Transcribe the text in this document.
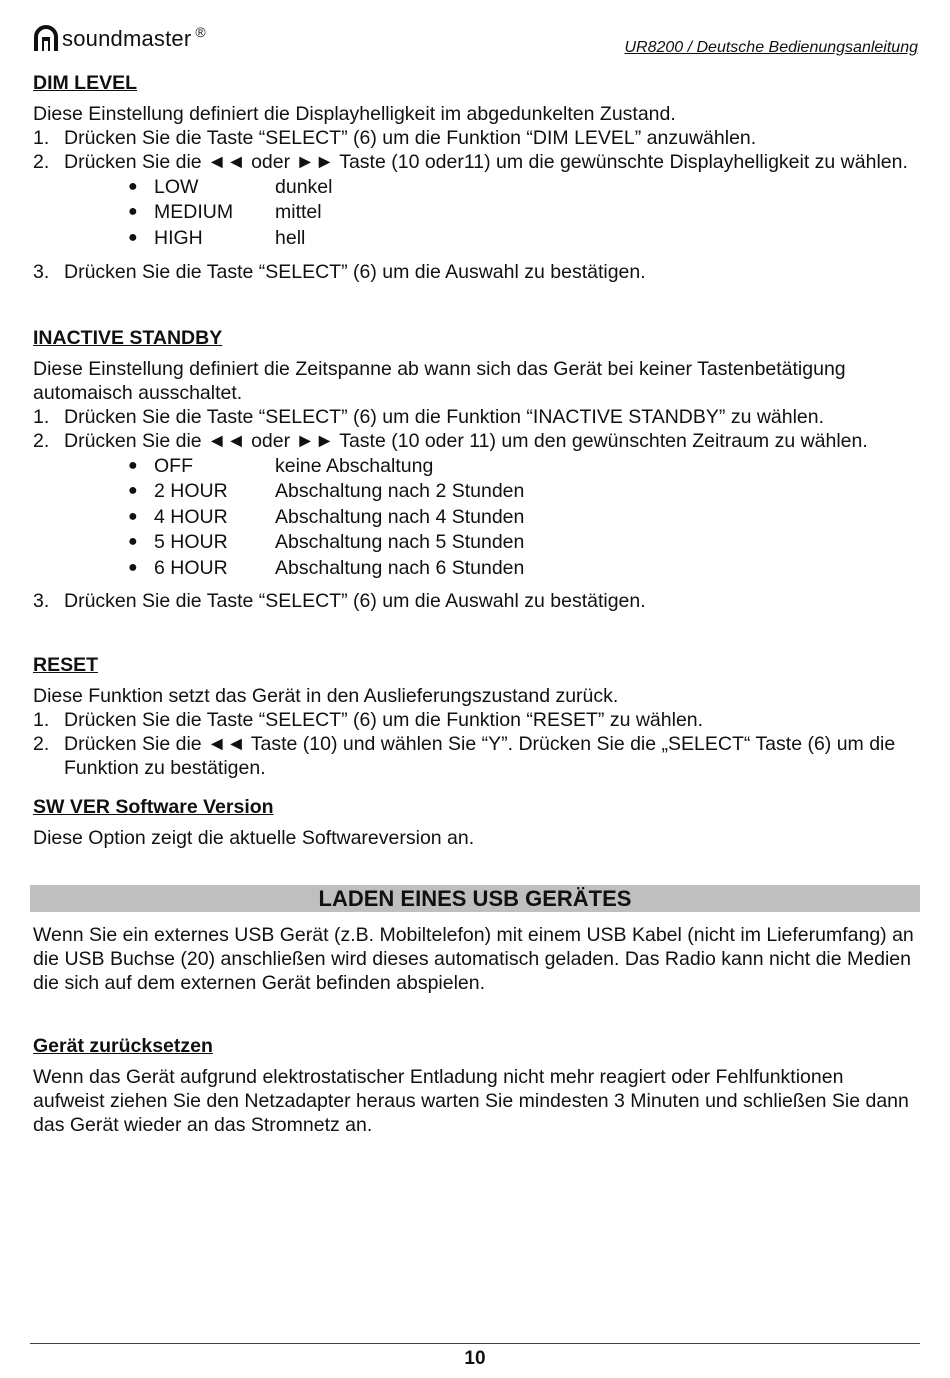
soundmaster ®
UR8200 / Deutsche Bedienungsanleitung
DIM LEVEL

Diese Einstellung definiert die Displayhelligkeit im abgedunkelten Zustand.

1. Drücken Sie die Taste “SELECT” (6) um die Funktion “DIM LEVEL” anzuwählen.
2. Drücken Sie die ◄◄ oder ►► Taste (10 oder11) um die gewünschte Displayhelligkeit zu wählen.
● LOW	dunkel
● MEDIUM	mittel
● HIGH	hell
3. Drücken Sie die Taste “SELECT” (6) um die Auswahl zu bestätigen.
INACTIVE STANDBY

Diese Einstellung definiert die Zeitspanne ab wann sich das Gerät bei keiner Tastenbetätigung automaisch ausschaltet.

1. Drücken Sie die Taste “SELECT” (6) um die Funktion “INACTIVE STANDBY” zu wählen.
2. Drücken Sie die ◄◄ oder ►► Taste (10 oder 11) um den gewünschten Zeitraum zu wählen.
● OFF	keine Abschaltung
● 2 HOUR	Abschaltung nach 2 Stunden
● 4 HOUR	Abschaltung nach 4 Stunden
● 5 HOUR	Abschaltung nach 5 Stunden
● 6 HOUR	Abschaltung nach 6 Stunden
3. Drücken Sie die Taste “SELECT” (6) um die Auswahl zu bestätigen.
RESET

Diese Funktion setzt das Gerät in den Auslieferungszustand zurück.

1. Drücken Sie die Taste “SELECT” (6) um die Funktion “RESET” zu wählen.
2. Drücken Sie die ◄◄ Taste (10) und wählen Sie “Y”. Drücken Sie die „SELECT“ Taste (6) um die Funktion zu bestätigen.
SW VER Software Version

Diese Option zeigt die aktuelle Softwareversion an.

LADEN EINES USB GERÄTES

Wenn Sie ein externes USB Gerät (z.B. Mobiltelefon) mit einem USB Kabel (nicht im Lieferumfang) an die USB Buchse (20) anschließen wird dieses automatisch geladen. Das Radio kann nicht die Medien die sich auf dem externen Gerät befinden abspielen.

Gerät zurücksetzen

Wenn das Gerät aufgrund elektrostatischer Entladung nicht mehr reagiert oder Fehlfunktionen aufweist ziehen Sie den Netzadapter heraus warten Sie mindesten 3 Minuten und schließen Sie dann das Gerät wieder an das Stromnetz an.

10
